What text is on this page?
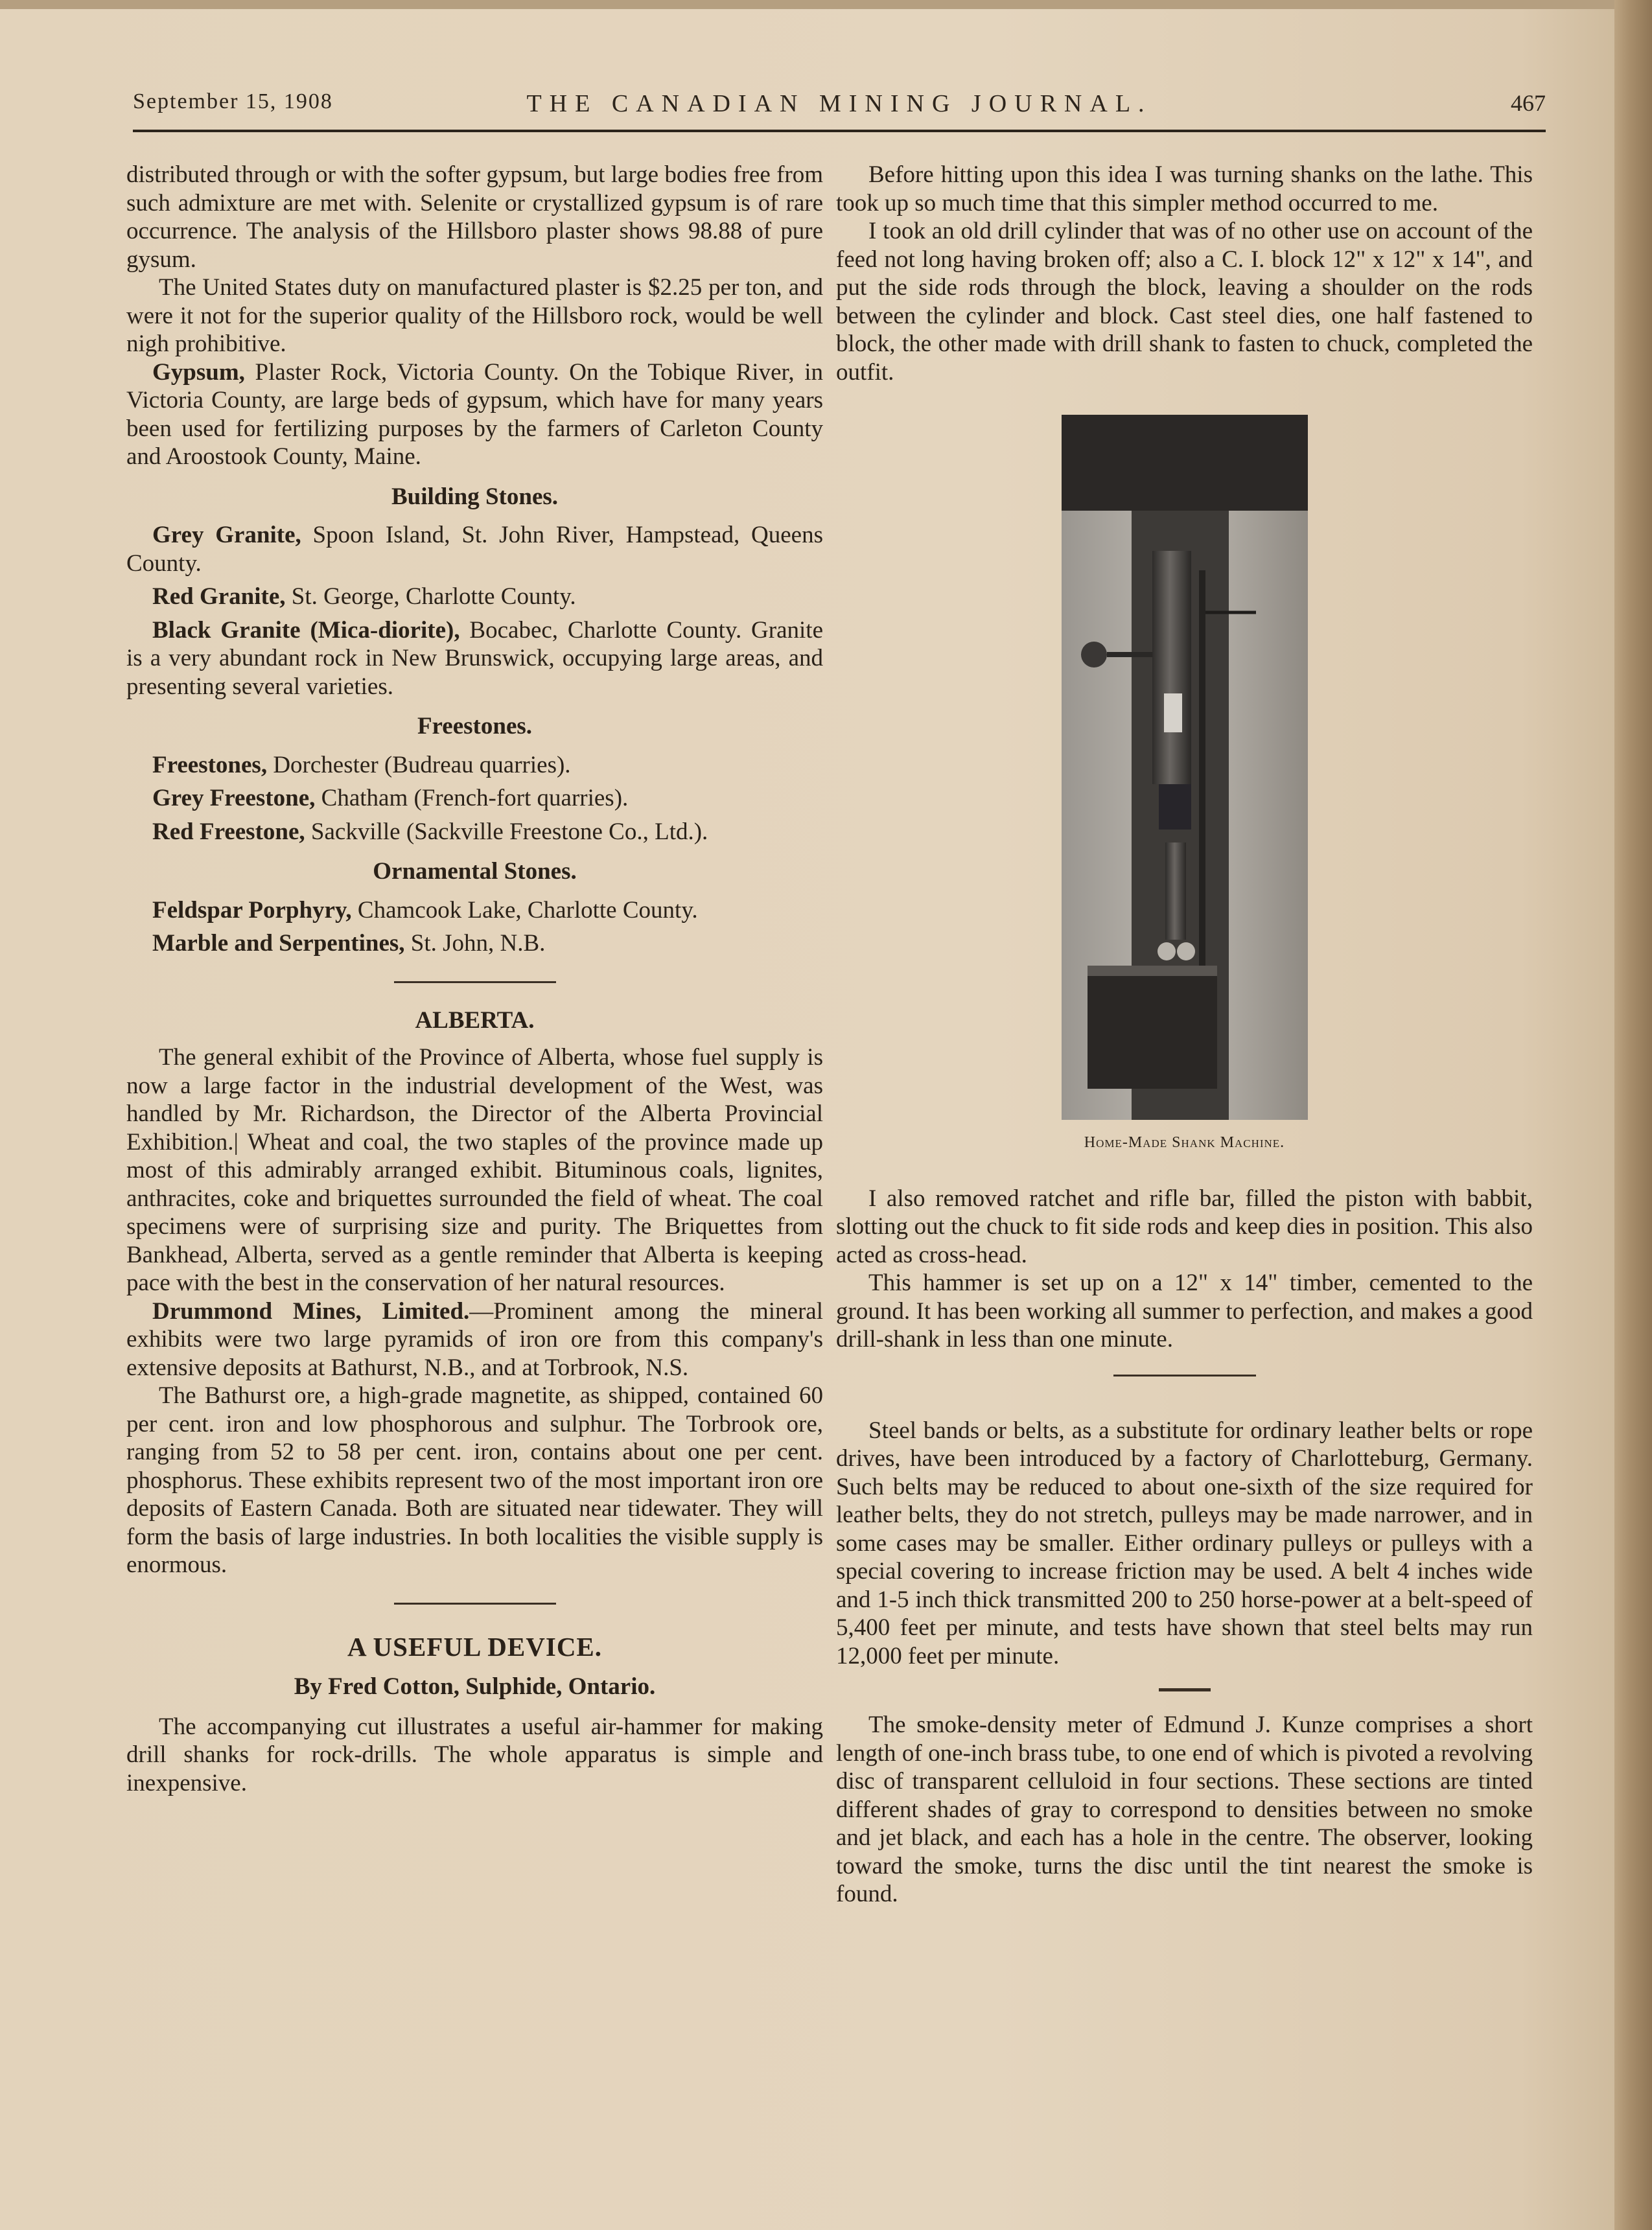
September 15, 1908	THE CANADIAN MINING JOURNAL.	467

distributed through or with the softer gypsum, but large bodies free from such admixture are met with. Selenite or crystallized gypsum is of rare occurrence. The analysis of the Hillsboro plaster shows 98.88 of pure gysum.

The United States duty on manufactured plaster is $2.25 per ton, and were it not for the superior quality of the Hillsboro rock, would be well nigh prohibitive.

Gypsum, Plaster Rock, Victoria County. On the Tobique River, in Victoria County, are large beds of gypsum, which have for many years been used for fertilizing purposes by the farmers of Carleton County and Aroostook County, Maine.

Building Stones.

Grey Granite, Spoon Island, St. John River, Hampstead, Queens County.

Red Granite, St. George, Charlotte County.

Black Granite (Mica-diorite), Bocabec, Charlotte County. Granite is a very abundant rock in New Brunswick, occupying large areas, and presenting several varieties.

Freestones.

Freestones, Dorchester (Budreau quarries).

Grey Freestone, Chatham (French-fort quarries).

Red Freestone, Sackville (Sackville Freestone Co., Ltd.).

Ornamental Stones.

Feldspar Porphyry, Chamcook Lake, Charlotte County.

Marble and Serpentines, St. John, N.B.

ALBERTA.

The general exhibit of the Province of Alberta, whose fuel supply is now a large factor in the industrial development of the West, was handled by Mr. Richardson, the Director of the Alberta Provincial Exhibition.| Wheat and coal, the two staples of the province made up most of this admirably arranged exhibit. Bituminous coals, lignites, anthracites, coke and briquettes surrounded the field of wheat. The coal specimens were of surprising size and purity. The Briquettes from Bankhead, Alberta, served as a gentle reminder that Alberta is keeping pace with the best in the conservation of her natural resources.

Drummond Mines, Limited.—Prominent among the mineral exhibits were two large pyramids of iron ore from this company's extensive deposits at Bathurst, N.B., and at Torbrook, N.S.

The Bathurst ore, a high-grade magnetite, as shipped, contained 60 per cent. iron and low phosphorous and sulphur. The Torbrook ore, ranging from 52 to 58 per cent. iron, contains about one per cent. phosphorus. These exhibits represent two of the most important iron ore deposits of Eastern Canada. Both are situated near tidewater. They will form the basis of large industries. In both localities the visible supply is enormous.

A USEFUL DEVICE.
By Fred Cotton, Sulphide, Ontario.

The accompanying cut illustrates a useful air-hammer for making drill shanks for rock-drills. The whole apparatus is simple and inexpensive.

Before hitting upon this idea I was turning shanks on the lathe. This took up so much time that this simpler method occurred to me.

I took an old drill cylinder that was of no other use on account of the feed not long having broken off; also a C. I. block 12" x 12" x 14", and put the side rods through the block, leaving a shoulder on the rods between the cylinder and block. Cast steel dies, one half fastened to block, the other made with drill shank to fasten to chuck, completed the outfit.

Home-Made Shank Machine.

I also removed ratchet and rifle bar, filled the piston with babbit, slotting out the chuck to fit side rods and keep dies in position. This also acted as cross-head.

This hammer is set up on a 12" x 14" timber, cemented to the ground. It has been working all summer to perfection, and makes a good drill-shank in less than one minute.

Steel bands or belts, as a substitute for ordinary leather belts or rope drives, have been introduced by a factory of Charlotteburg, Germany. Such belts may be reduced to about one-sixth of the size required for leather belts, they do not stretch, pulleys may be made narrower, and in some cases may be smaller. Either ordinary pulleys or pulleys with a special covering to increase friction may be used. A belt 4 inches wide and 1-5 inch thick transmitted 200 to 250 horse-power at a belt-speed of 5,400 feet per minute, and tests have shown that steel belts may run 12,000 feet per minute.

The smoke-density meter of Edmund J. Kunze comprises a short length of one-inch brass tube, to one end of which is pivoted a revolving disc of transparent celluloid in four sections. These sections are tinted different shades of gray to correspond to densities between no smoke and jet black, and each has a hole in the centre. The observer, looking toward the smoke, turns the disc until the tint nearest the smoke is found.
